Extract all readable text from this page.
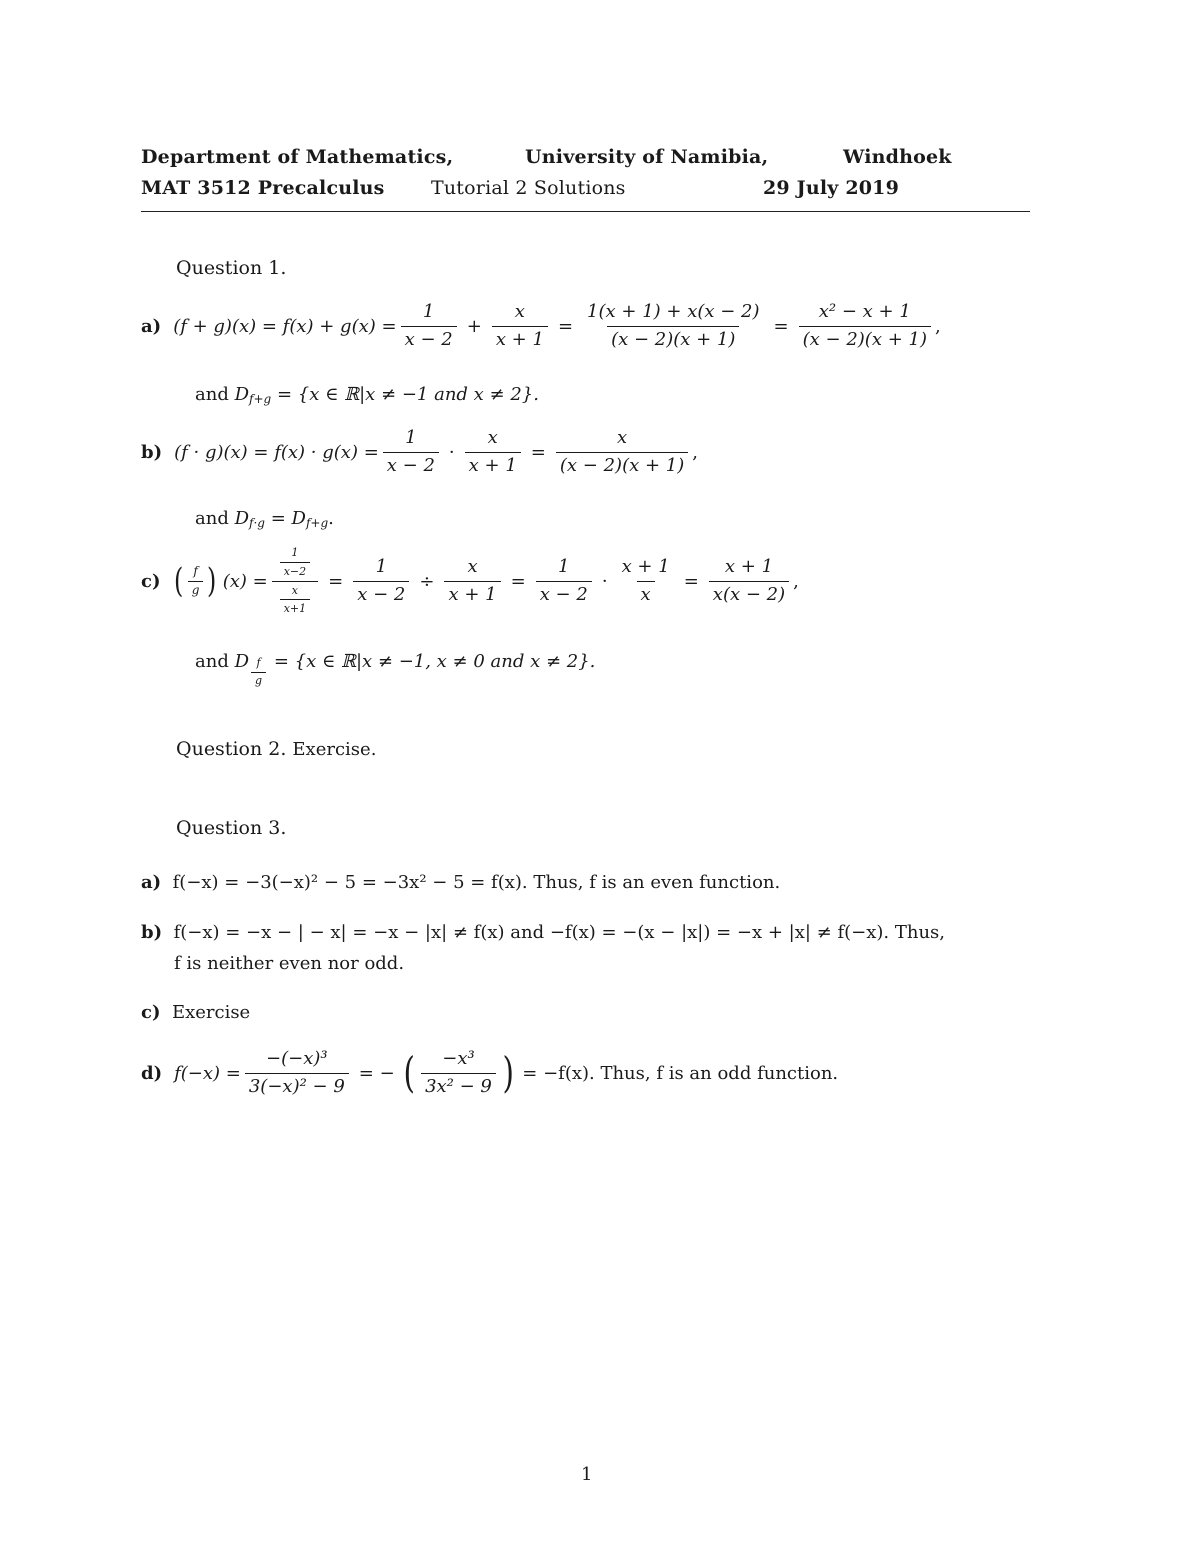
Department of Mathematics,	University of Namibia,	Windhoek
MAT 3512 Precalculus Tutorial 2 Solutions	29 July 2019
Question 1.
a) $(f + g)(x) = f(x) + g(x) = \frac{1}{x - 2} + \frac{x}{x + 1} = \frac{1(x + 1) + x(x - 2)}{(x - 2)(x + 1)} = \frac{\text{x² − x + 1}}{(x - 2)(x + 1)}$ ,
and
$D_{f+g}$
= {x ∈ ℝ|x ≠ −1 and x ≠ 2}.
b) $(f \cdot g)(x) = f(x) \cdot g(x) = \frac{1}{x - 2} \cdot \frac{x}{x + 1} = \frac{x}{(x - 2)(x + 1)}$ ,
and
$D_{f\cdot g}$
=
$D_{f+g}$ .
c) ( $\frac{f}{g}$ ) $(x) = \frac{\frac{1}{x-2}}{\frac{x}{x+1}} = \frac{1}{x - 2} \div \frac{x}{x + 1} = \frac{1}{x - 2} \cdot \frac{x + 1}{x} = \frac{x + 1}{x(x - 2)}$ ,
and
D $\frac{f}{g}$
= {x ∈ ℝ|x ≠ −1, x ≠ 0 and x ≠ 2}.
Question 2. Exercise.
Question 3.
a) f(−x) = −3(−x)² − 5 = −3x² − 5 = f(x). Thus, f is an even function.
b) f(−x) = −x − | − x| = −x − |x| ≠ f(x) and −f(x) = −(x − |x|) = −x + |x| ≠ f(−x). Thus,
f is neither even nor odd.
c) Exercise
d) $f(-x) = \frac{\text{−(−x)³}}{\text{3(−x)² − 9}}$ = − ( $\frac{\text{−x³}}{\text{3x² − 9}}$ ) = −f(x). Thus, f is an odd function.
1
